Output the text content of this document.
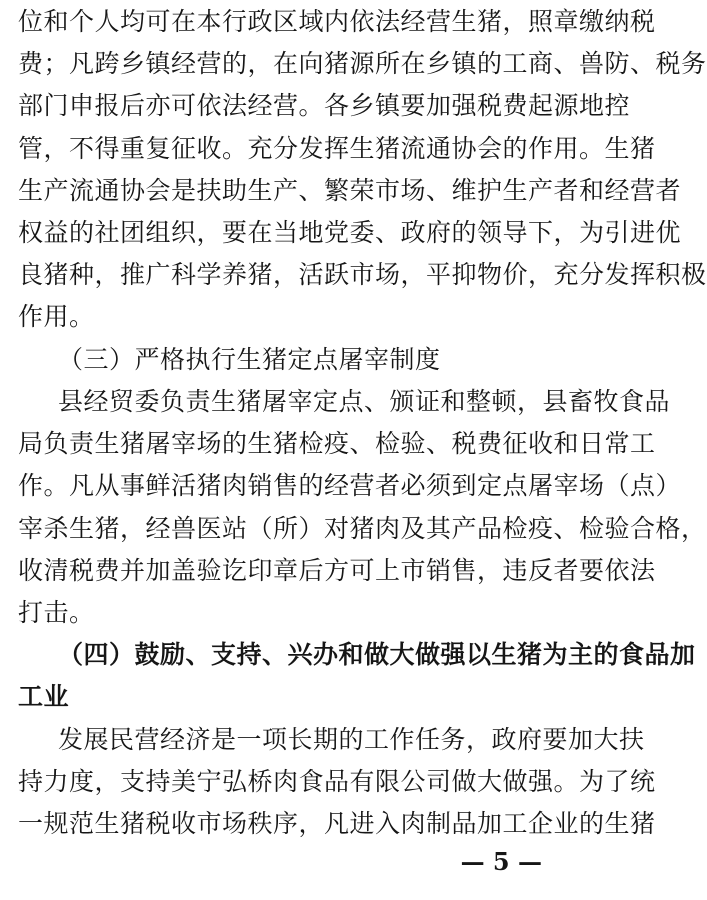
位和个人均可在本行政区域内依法经营生猪，照章缴纳税
费；凡跨乡镇经营的，在向猪源所在乡镇的工商、兽防、税务
部门申报后亦可依法经营。各乡镇要加强税费起源地控
管，不得重复征收。充分发挥生猪流通协会的作用。生猪
生产流通协会是扶助生产、繁荣市场、维护生产者和经营者
权益的社团组织，要在当地党委、政府的领导下，为引进优
良猪种，推广科学养猪，活跃市场，平抑物价，充分发挥积极
作用。
（三）严格执行生猪定点屠宰制度
县经贸委负责生猪屠宰定点、颁证和整顿，县畜牧食品
局负责生猪屠宰场的生猪检疫、检验、税费征收和日常工
作。凡从事鲜活猪肉销售的经营者必须到定点屠宰场（点）
宰杀生猪，经兽医站（所）对猪肉及其产品检疫、检验合格，
收清税费并加盖验讫印章后方可上市销售，违反者要依法
打击。
（四）鼓励、支持、兴办和做大做强以生猪为主的食品加
工业
发展民营经济是一项长期的工作任务，政府要加大扶
持力度，支持美宁弘桥肉食品有限公司做大做强。为了统
一规范生猪税收市场秩序，凡进入肉制品加工企业的生猪
— 5 —
